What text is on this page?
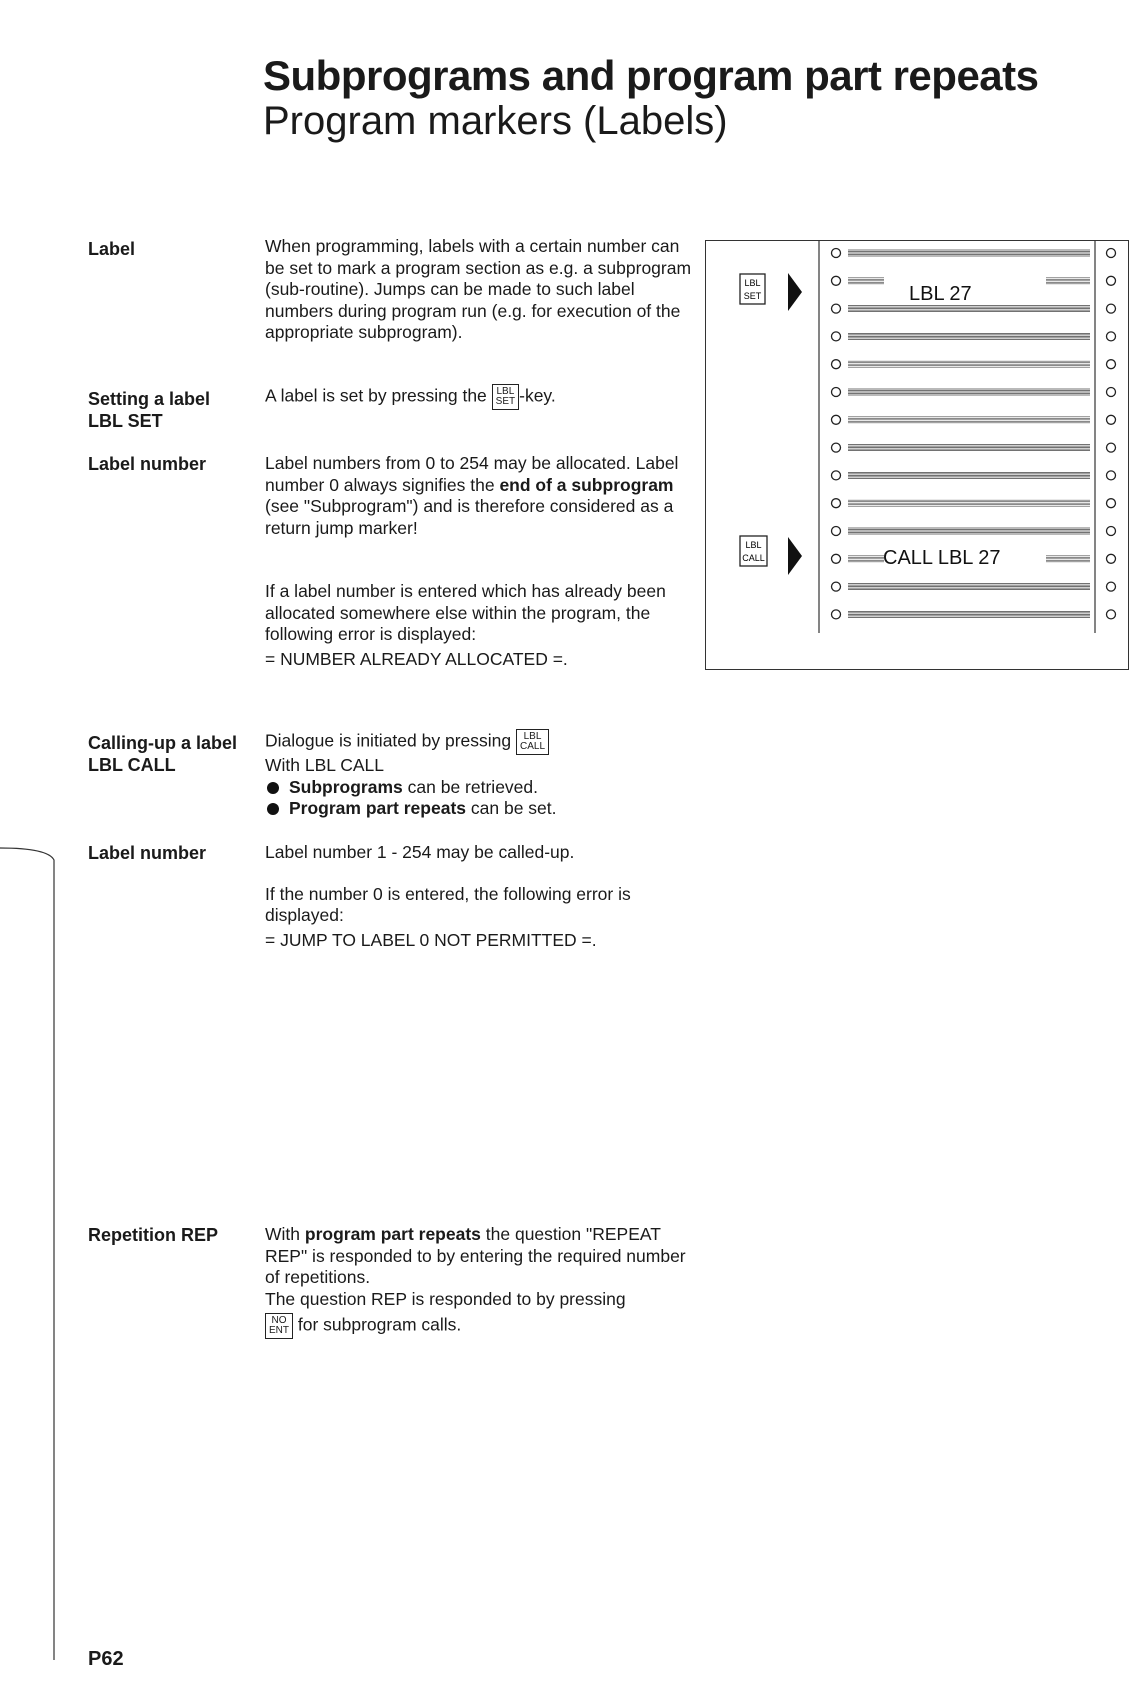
Subprograms and program part repeats
Program markers (Labels)
Label	When programming, labels with a certain number can be set to mark a program section as e.g. a subprogram (sub-routine). Jumps can be made to such label numbers during program run (e.g. for execution of the appropriate subprogram).

Setting a label
LBL SET
A label is set by pressing the LBL
SET -key.
Label number	Label numbers from 0 to 254 may be allocated. Label number 0 always signifies the end of a subprogram (see "Subprogram") and is therefore considered as a return jump marker!

If a label number is entered which has already been allocated somewhere else within the program, the following error is displayed:

= NUMBER ALREADY ALLOCATED =.

Calling-up a label
LBL CALL

Dialogue is initiated by pressing	LBL
CALL

With LBL CALL

Subprograms can be retrieved.
Program part repeats can be set.
Label number	Label number 1 - 254 may be called-up.

If the number 0 is entered, the following error is displayed:

= JUMP TO LABEL 0 NOT PERMITTED =.

Repetition REP	With program part repeats the question "REPEAT REP" is responded to by entering the required number of repetitions.

The question REP is responded to by pressing

NO
ENT for subprogram calls.

LBL
SET
LBL
CALL
LBL 27
CALL LBL 27
P62
